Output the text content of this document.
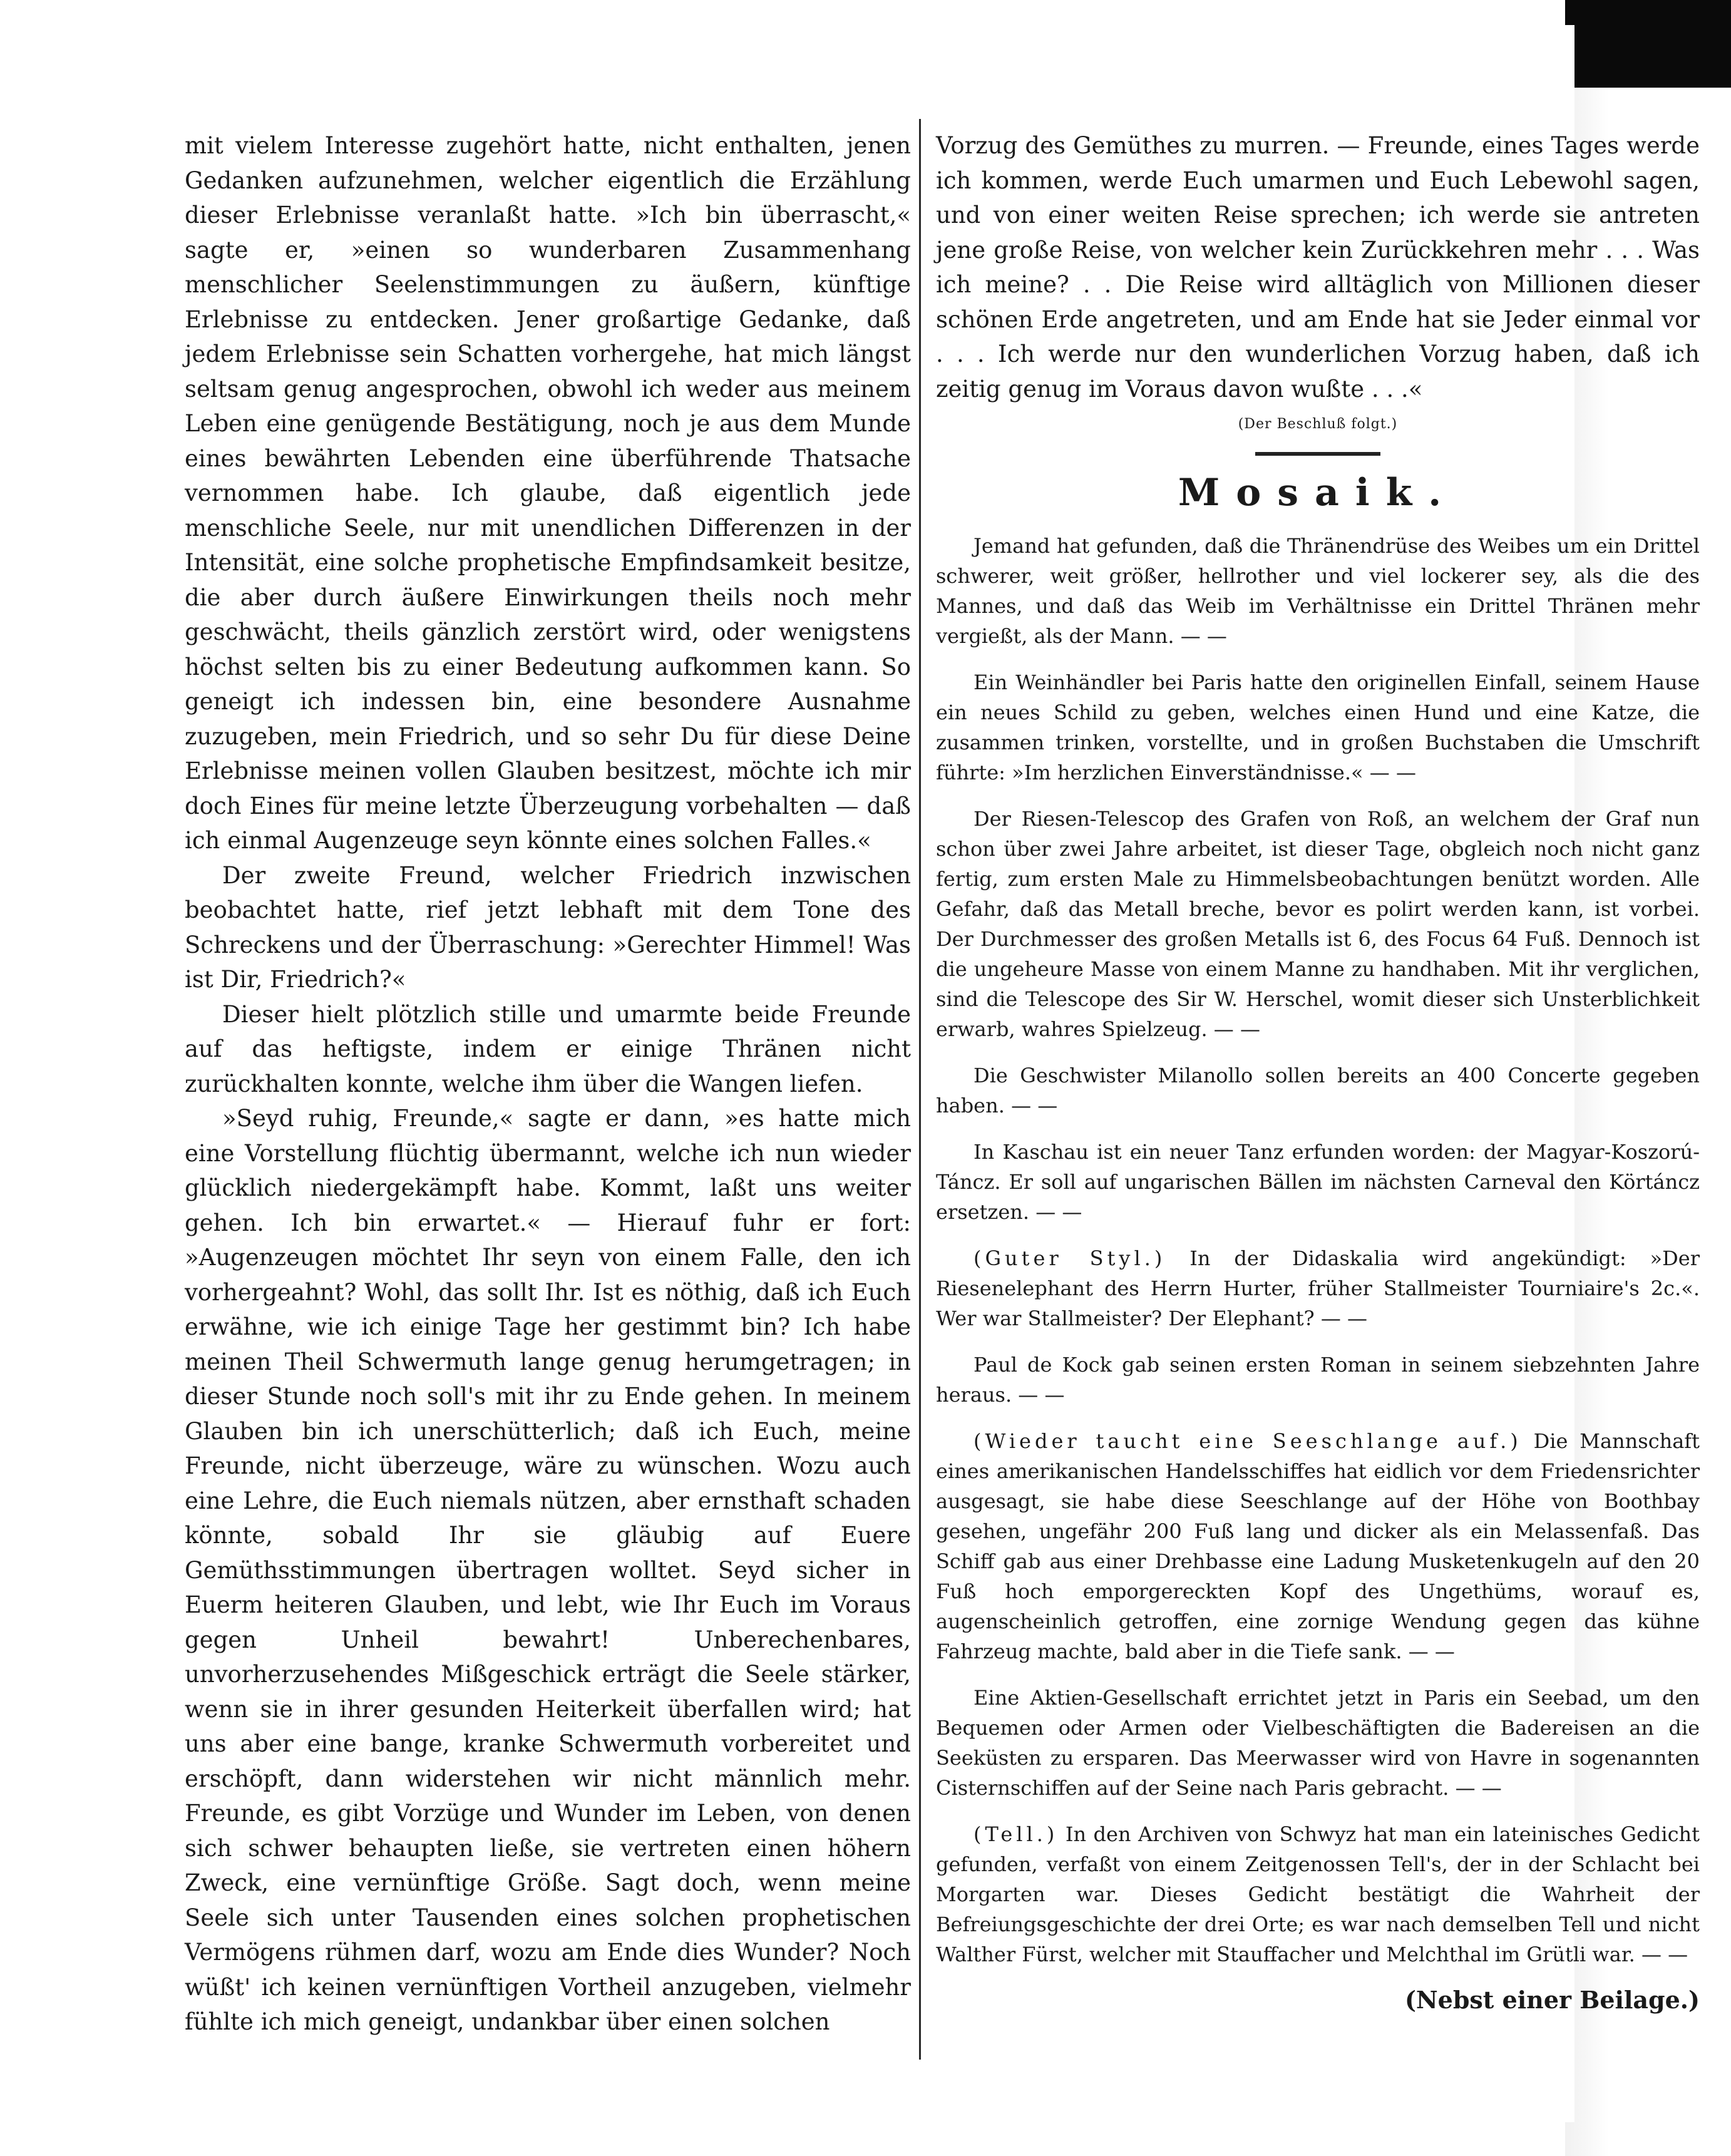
mit vielem Interesse zugehört hatte, nicht enthalten, jenen Gedanken aufzunehmen, welcher eigentlich die Erzählung dieser Erlebnisse veranlaßt hatte. »Ich bin überrascht,« sagte er, »einen so wunderbaren Zusammenhang menschlicher Seelenstimmungen zu äußern, künftige Erlebnisse zu entdecken. Jener großartige Gedanke, daß jedem Erlebnisse sein Schatten vorhergehe, hat mich längst seltsam genug angesprochen, obwohl ich weder aus meinem Leben eine genügende Bestätigung, noch je aus dem Munde eines bewährten Lebenden eine überführende Thatsache vernommen habe. Ich glaube, daß eigentlich jede menschliche Seele, nur mit unendlichen Differenzen in der Intensität, eine solche prophetische Empfindsamkeit besitze, die aber durch äußere Einwirkungen theils noch mehr geschwächt, theils gänzlich zerstört wird, oder wenigstens höchst selten bis zu einer Bedeutung aufkommen kann. So geneigt ich indessen bin, eine besondere Ausnahme zuzugeben, mein Friedrich, und so sehr Du für diese Deine Erlebnisse meinen vollen Glauben besitzest, möchte ich mir doch Eines für meine letzte Überzeugung vorbehalten — daß ich einmal Augenzeuge seyn könnte eines solchen Falles.«

Der zweite Freund, welcher Friedrich inzwischen beobachtet hatte, rief jetzt lebhaft mit dem Tone des Schreckens und der Überraschung: »Gerechter Himmel! Was ist Dir, Friedrich?«

Dieser hielt plötzlich stille und umarmte beide Freunde auf das heftigste, indem er einige Thränen nicht zurückhalten konnte, welche ihm über die Wangen liefen.

»Seyd ruhig, Freunde,« sagte er dann, »es hatte mich eine Vorstellung flüchtig übermannt, welche ich nun wieder glücklich niedergekämpft habe. Kommt, laßt uns weiter gehen. Ich bin erwartet.« — Hierauf fuhr er fort: »Augenzeugen möchtet Ihr seyn von einem Falle, den ich vorhergeahnt? Wohl, das sollt Ihr. Ist es nöthig, daß ich Euch erwähne, wie ich einige Tage her gestimmt bin? Ich habe meinen Theil Schwermuth lange genug herumgetragen; in dieser Stunde noch soll's mit ihr zu Ende gehen. In meinem Glauben bin ich unerschütterlich; daß ich Euch, meine Freunde, nicht überzeuge, wäre zu wünschen. Wozu auch eine Lehre, die Euch niemals nützen, aber ernsthaft schaden könnte, sobald Ihr sie gläubig auf Euere Gemüthsstimmungen übertragen wolltet. Seyd sicher in Euerm heiteren Glauben, und lebt, wie Ihr Euch im Voraus gegen Unheil bewahrt! Unberechenbares, unvorherzusehendes Mißgeschick erträgt die Seele stärker, wenn sie in ihrer gesunden Heiterkeit überfallen wird; hat uns aber eine bange, kranke Schwermuth vorbereitet und erschöpft, dann widerstehen wir nicht männlich mehr. Freunde, es gibt Vorzüge und Wunder im Leben, von denen sich schwer behaupten ließe, sie vertreten einen höhern Zweck, eine vernünftige Größe. Sagt doch, wenn meine Seele sich unter Tausenden eines solchen prophetischen Vermögens rühmen darf, wozu am Ende dies Wunder? Noch wüßt' ich keinen vernünftigen Vortheil anzugeben, vielmehr fühlte ich mich geneigt, undankbar über einen solchen

Vorzug des Gemüthes zu murren. — Freunde, eines Tages werde ich kommen, werde Euch umarmen und Euch Lebewohl sagen, und von einer weiten Reise sprechen; ich werde sie antreten jene große Reise, von welcher kein Zurückkehren mehr . . . Was ich meine? . . Die Reise wird alltäglich von Millionen dieser schönen Erde angetreten, und am Ende hat sie Jeder einmal vor . . . Ich werde nur den wunderlichen Vorzug haben, daß ich zeitig genug im Voraus davon wußte . . .«

(Der Beschluß folgt.)

Mosaik.

Jemand hat gefunden, daß die Thränendrüse des Weibes um ein Drittel schwerer, weit größer, hellrother und viel lockerer sey, als die des Mannes, und daß das Weib im Verhältnisse ein Drittel Thränen mehr vergießt, als der Mann. — —

Ein Weinhändler bei Paris hatte den originellen Einfall, seinem Hause ein neues Schild zu geben, welches einen Hund und eine Katze, die zusammen trinken, vorstellte, und in großen Buchstaben die Umschrift führte: »Im herzlichen Einverständnisse.« — —

Der Riesen-Telescop des Grafen von Roß, an welchem der Graf nun schon über zwei Jahre arbeitet, ist dieser Tage, obgleich noch nicht ganz fertig, zum ersten Male zu Himmelsbeobachtungen benützt worden. Alle Gefahr, daß das Metall breche, bevor es polirt werden kann, ist vorbei. Der Durchmesser des großen Metalls ist 6, des Focus 64 Fuß. Dennoch ist die ungeheure Masse von einem Manne zu handhaben. Mit ihr verglichen, sind die Telescope des Sir W. Herschel, womit dieser sich Unsterblichkeit erwarb, wahres Spielzeug. — —

Die Geschwister Milanollo sollen bereits an 400 Concerte gegeben haben. — —

In Kaschau ist ein neuer Tanz erfunden worden: der Magyar-Koszorú-Táncz. Er soll auf ungarischen Bällen im nächsten Carneval den Körtáncz ersetzen. — —

(Guter Styl.) In der Didaskalia wird angekündigt: »Der Riesenelephant des Herrn Hurter, früher Stallmeister Tourniaire's 2c.«. Wer war Stallmeister? Der Elephant? — —

Paul de Kock gab seinen ersten Roman in seinem siebzehnten Jahre heraus. — —

(Wieder taucht eine Seeschlange auf.) Die Mannschaft eines amerikanischen Handelsschiffes hat eidlich vor dem Friedensrichter ausgesagt, sie habe diese Seeschlange auf der Höhe von Boothbay gesehen, ungefähr 200 Fuß lang und dicker als ein Melassenfaß. Das Schiff gab aus einer Drehbasse eine Ladung Musketenkugeln auf den 20 Fuß hoch emporgereckten Kopf des Ungethüms, worauf es, augenscheinlich getroffen, eine zornige Wendung gegen das kühne Fahrzeug machte, bald aber in die Tiefe sank. — —

Eine Aktien-Gesellschaft errichtet jetzt in Paris ein Seebad, um den Bequemen oder Armen oder Vielbeschäftigten die Badereisen an die Seeküsten zu ersparen. Das Meerwasser wird von Havre in sogenannten Cisternschiffen auf der Seine nach Paris gebracht. — —

(Tell.) In den Archiven von Schwyz hat man ein lateinisches Gedicht gefunden, verfaßt von einem Zeitgenossen Tell's, der in der Schlacht bei Morgarten war. Dieses Gedicht bestätigt die Wahrheit der Befreiungsgeschichte der drei Orte; es war nach demselben Tell und nicht Walther Fürst, welcher mit Stauffacher und Melchthal im Grütli war. — —

(Nebst einer Beilage.)
